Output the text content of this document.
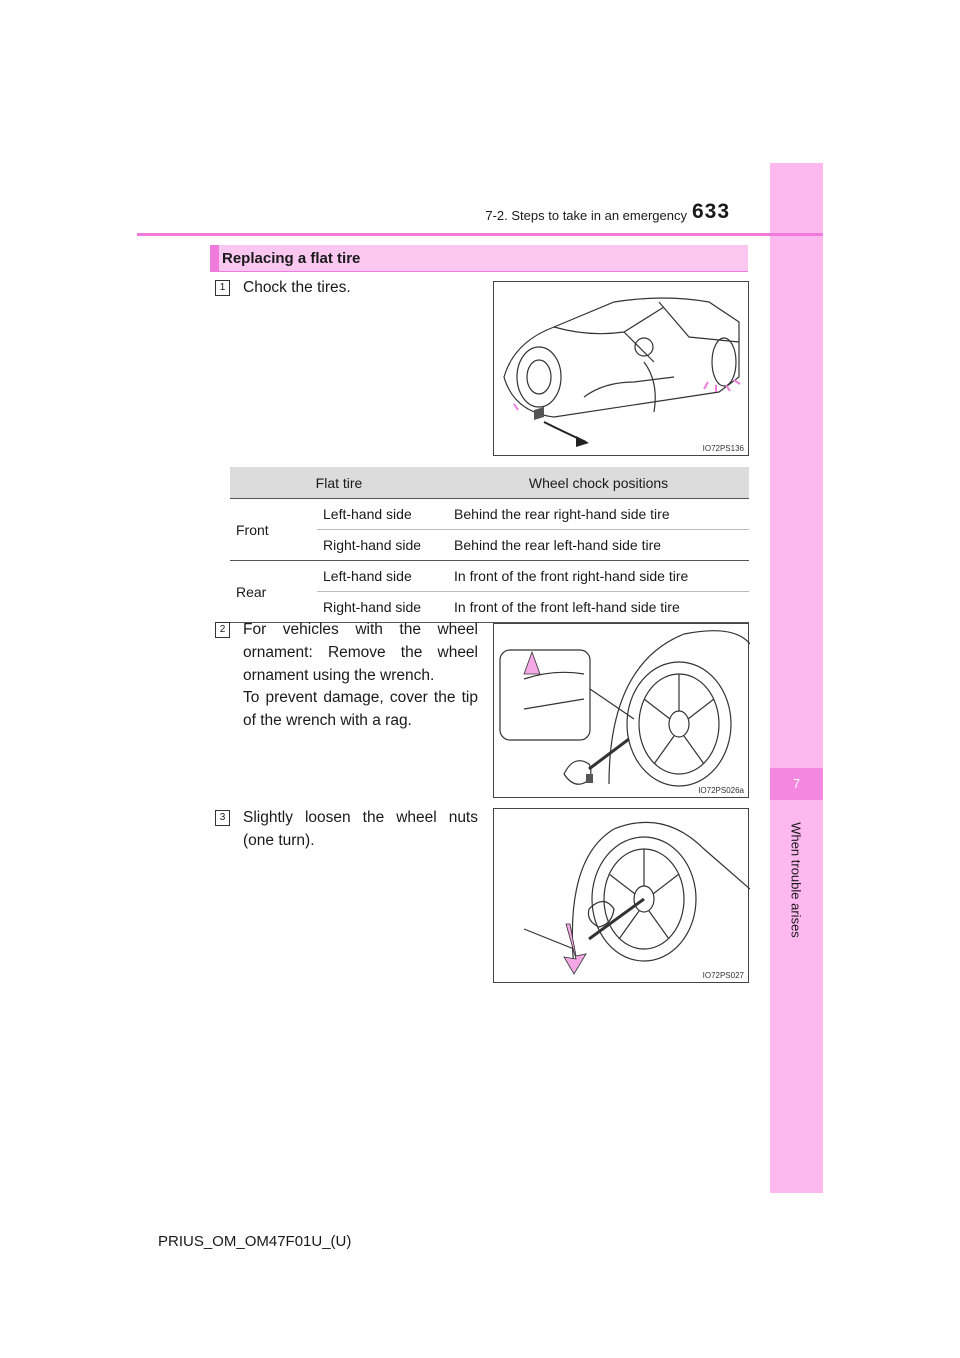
7
When trouble arises
7-2. Steps to take in an emergency 633
Replacing a flat tire
1	Chock the tires.
IO72PS136
Flat tire		Wheel chock positions
Front	Left-hand side	Behind the rear right-hand side tire
	Right-hand side	Behind the rear left-hand side tire
Rear	Left-hand side	In front of the front right-hand side tire
	Right-hand side	In front of the front left-hand side tire
2	For vehicles with the wheel ornament: Remove the wheel ornament using the wrench.
To prevent damage, cover the tip of the wrench with a rag.
IO72PS026a
3	Slightly loosen the wheel nuts (one turn).
IO72PS027
PRIUS_OM_OM47F01U_(U)
